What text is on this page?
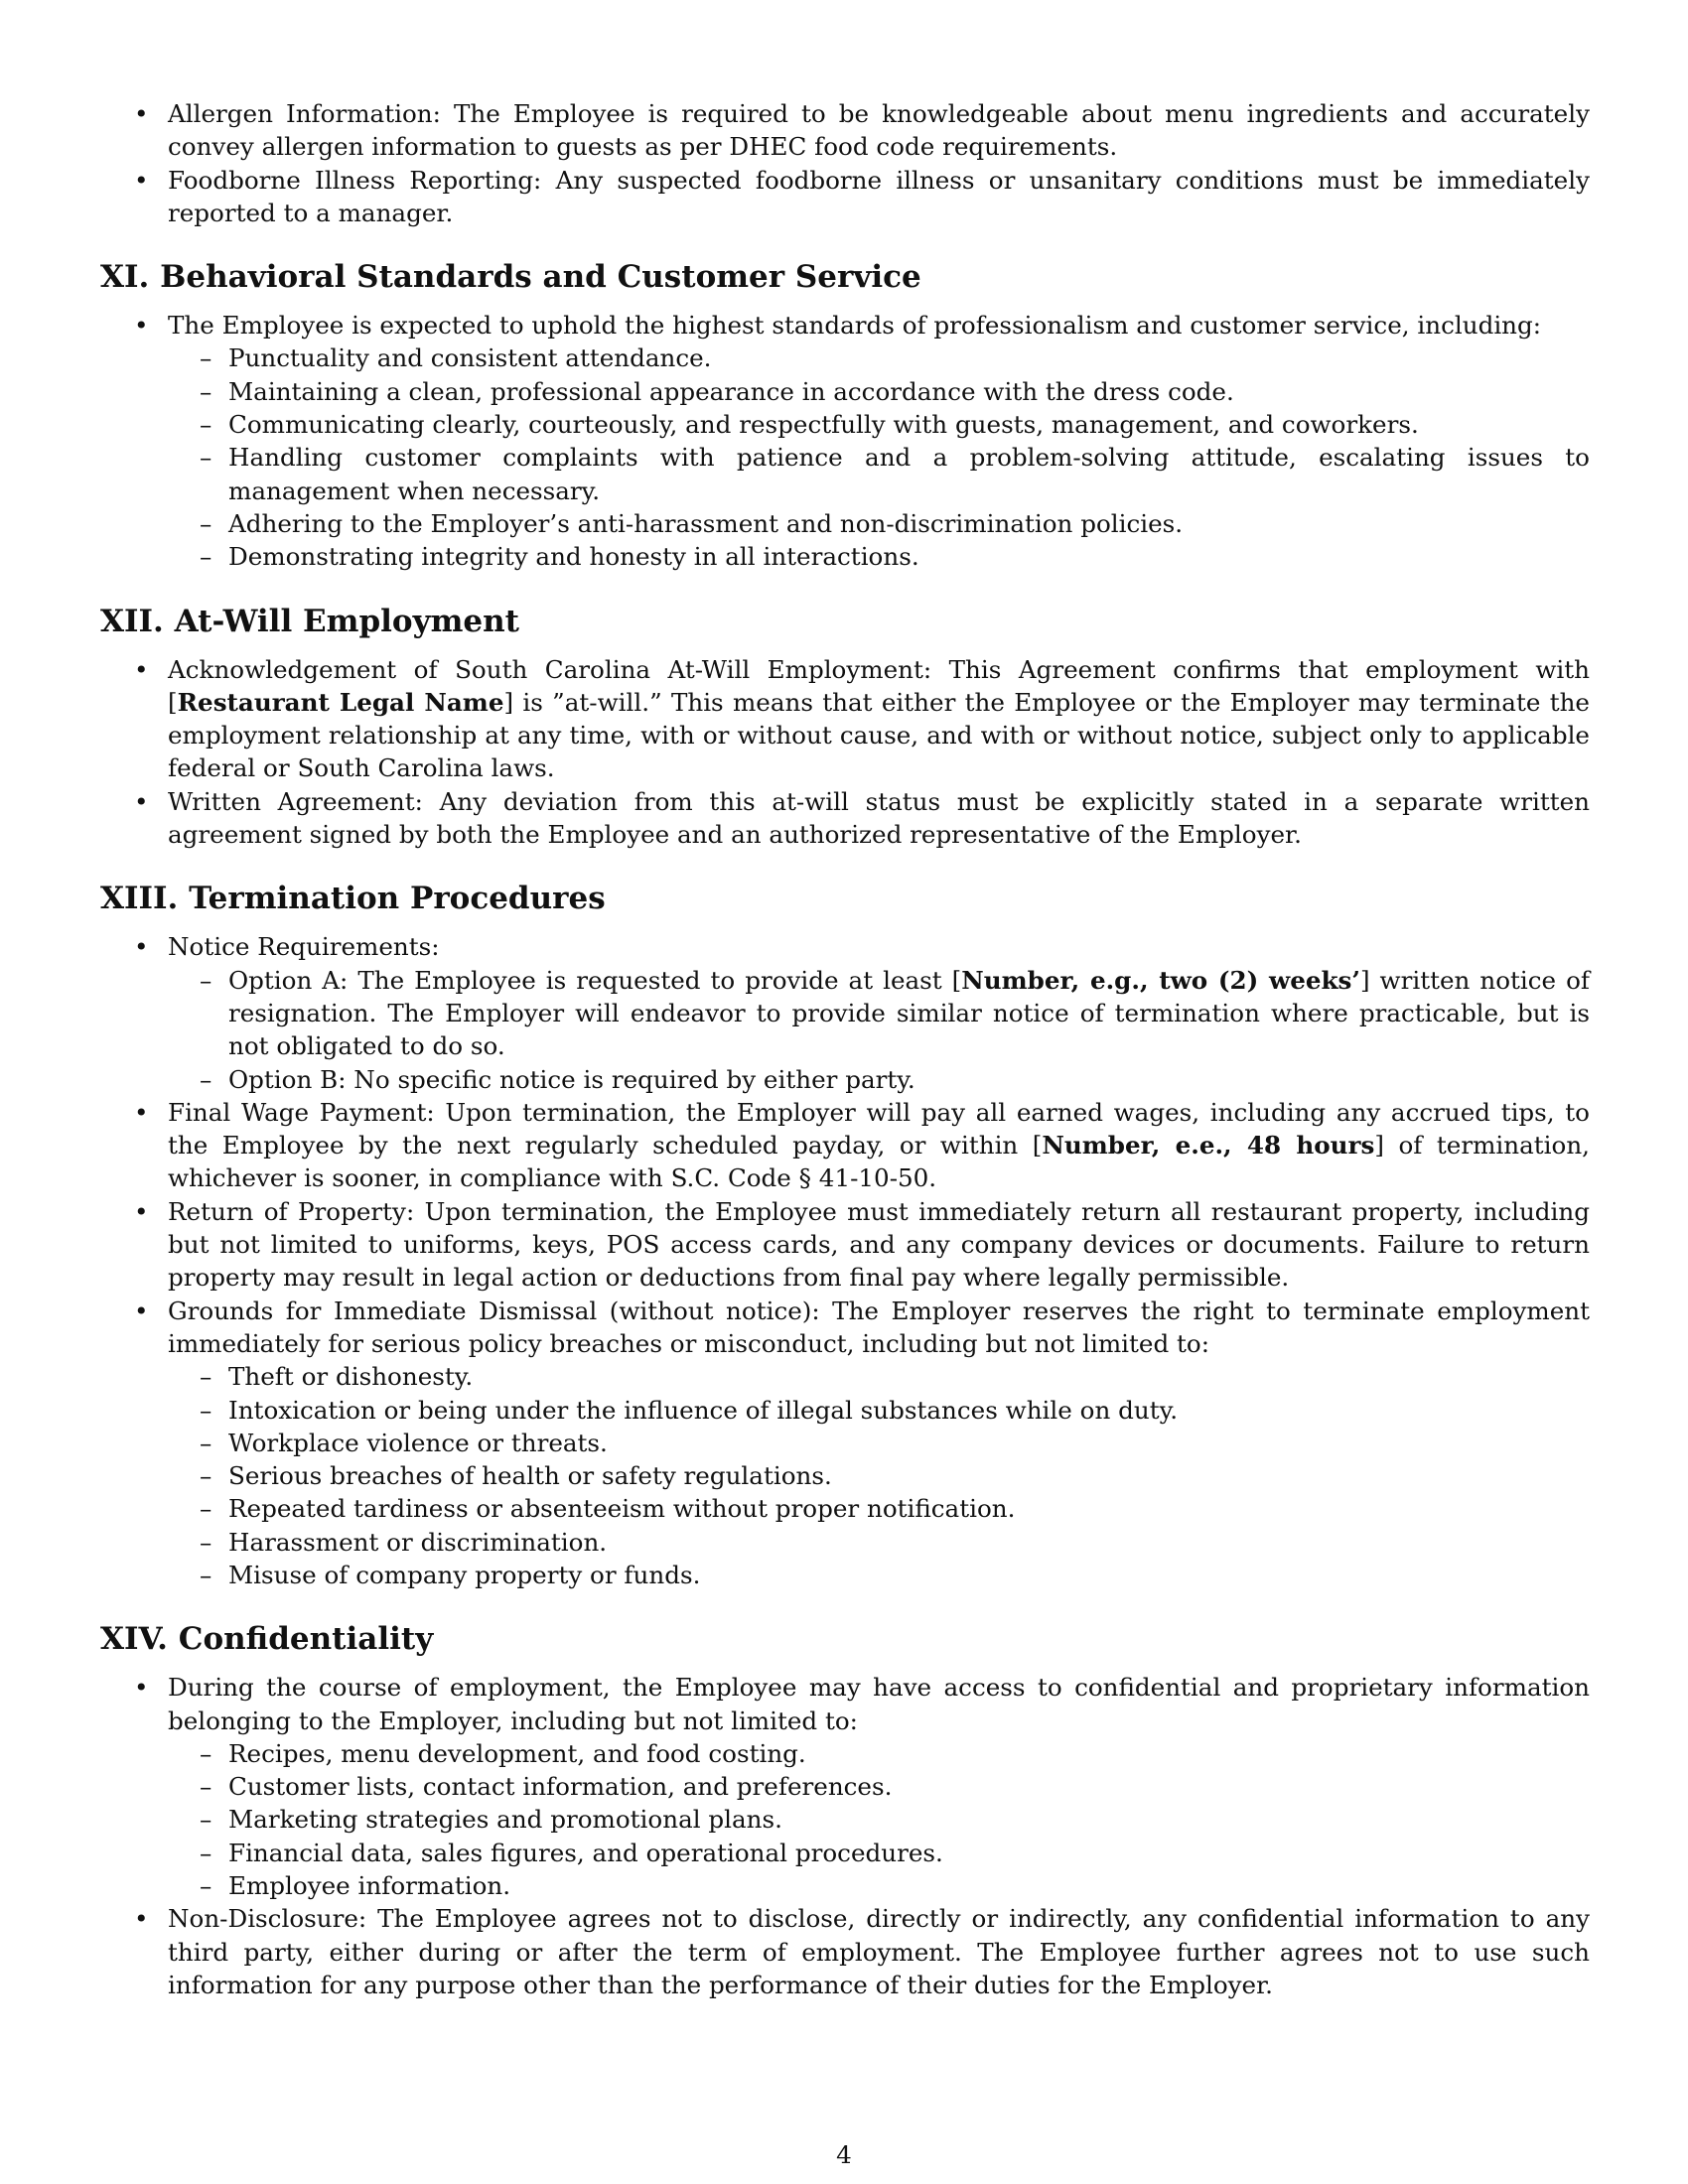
• Allergen Information: The Employee is required to be knowledgeable about menu ingredients and accurately convey allergen information to guests as per DHEC food code requirements.
• Foodborne Illness Reporting: Any suspected foodborne illness or unsanitary conditions must be immediately reported to a manager.
XI. Behavioral Standards and Customer Service
• The Employee is expected to uphold the highest standards of professionalism and customer service, including:
– Punctuality and consistent attendance.
– Maintaining a clean, professional appearance in accordance with the dress code.
– Communicating clearly, courteously, and respectfully with guests, management, and coworkers.
– Handling customer complaints with patience and a problem-solving attitude, escalating issues to management when necessary.
– Adhering to the Employer’s anti-harassment and non-discrimination policies.
– Demonstrating integrity and honesty in all interactions.
XII. At-Will Employment
• Acknowledgement of South Carolina At-Will Employment: This Agreement confirms that employment with [Restaurant Legal Name] is ”at-will.” This means that either the Employee or the Employer may terminate the employment relationship at any time, with or without cause, and with or without notice, subject only to applicable federal or South Carolina laws.
• Written Agreement: Any deviation from this at-will status must be explicitly stated in a separate written agreement signed by both the Employee and an authorized representative of the Employer.
XIII. Termination Procedures
• Notice Requirements:
– Option A: The Employee is requested to provide at least [Number, e.g., two (2) weeks’] written notice of resignation. The Employer will endeavor to provide similar notice of termination where practicable, but is not obligated to do so.
– Option B: No specific notice is required by either party.
• Final Wage Payment: Upon termination, the Employer will pay all earned wages, including any accrued tips, to the Employee by the next regularly scheduled payday, or within [Number, e.e., 48 hours] of termination, whichever is sooner, in compliance with S.C. Code § 41-10-50.
• Return of Property: Upon termination, the Employee must immediately return all restaurant property, including but not limited to uniforms, keys, POS access cards, and any company devices or documents. Failure to return property may result in legal action or deductions from final pay where legally permissible.
• Grounds for Immediate Dismissal (without notice): The Employer reserves the right to terminate employment immediately for serious policy breaches or misconduct, including but not limited to:
– Theft or dishonesty.
– Intoxication or being under the influence of illegal substances while on duty.
– Workplace violence or threats.
– Serious breaches of health or safety regulations.
– Repeated tardiness or absenteeism without proper notification.
– Harassment or discrimination.
– Misuse of company property or funds.
XIV. Confidentiality
• During the course of employment, the Employee may have access to confidential and proprietary information belonging to the Employer, including but not limited to:
– Recipes, menu development, and food costing.
– Customer lists, contact information, and preferences.
– Marketing strategies and promotional plans.
– Financial data, sales figures, and operational procedures.
– Employee information.
• Non-Disclosure: The Employee agrees not to disclose, directly or indirectly, any confidential information to any third party, either during or after the term of employment. The Employee further agrees not to use such information for any purpose other than the performance of their duties for the Employer.
4
